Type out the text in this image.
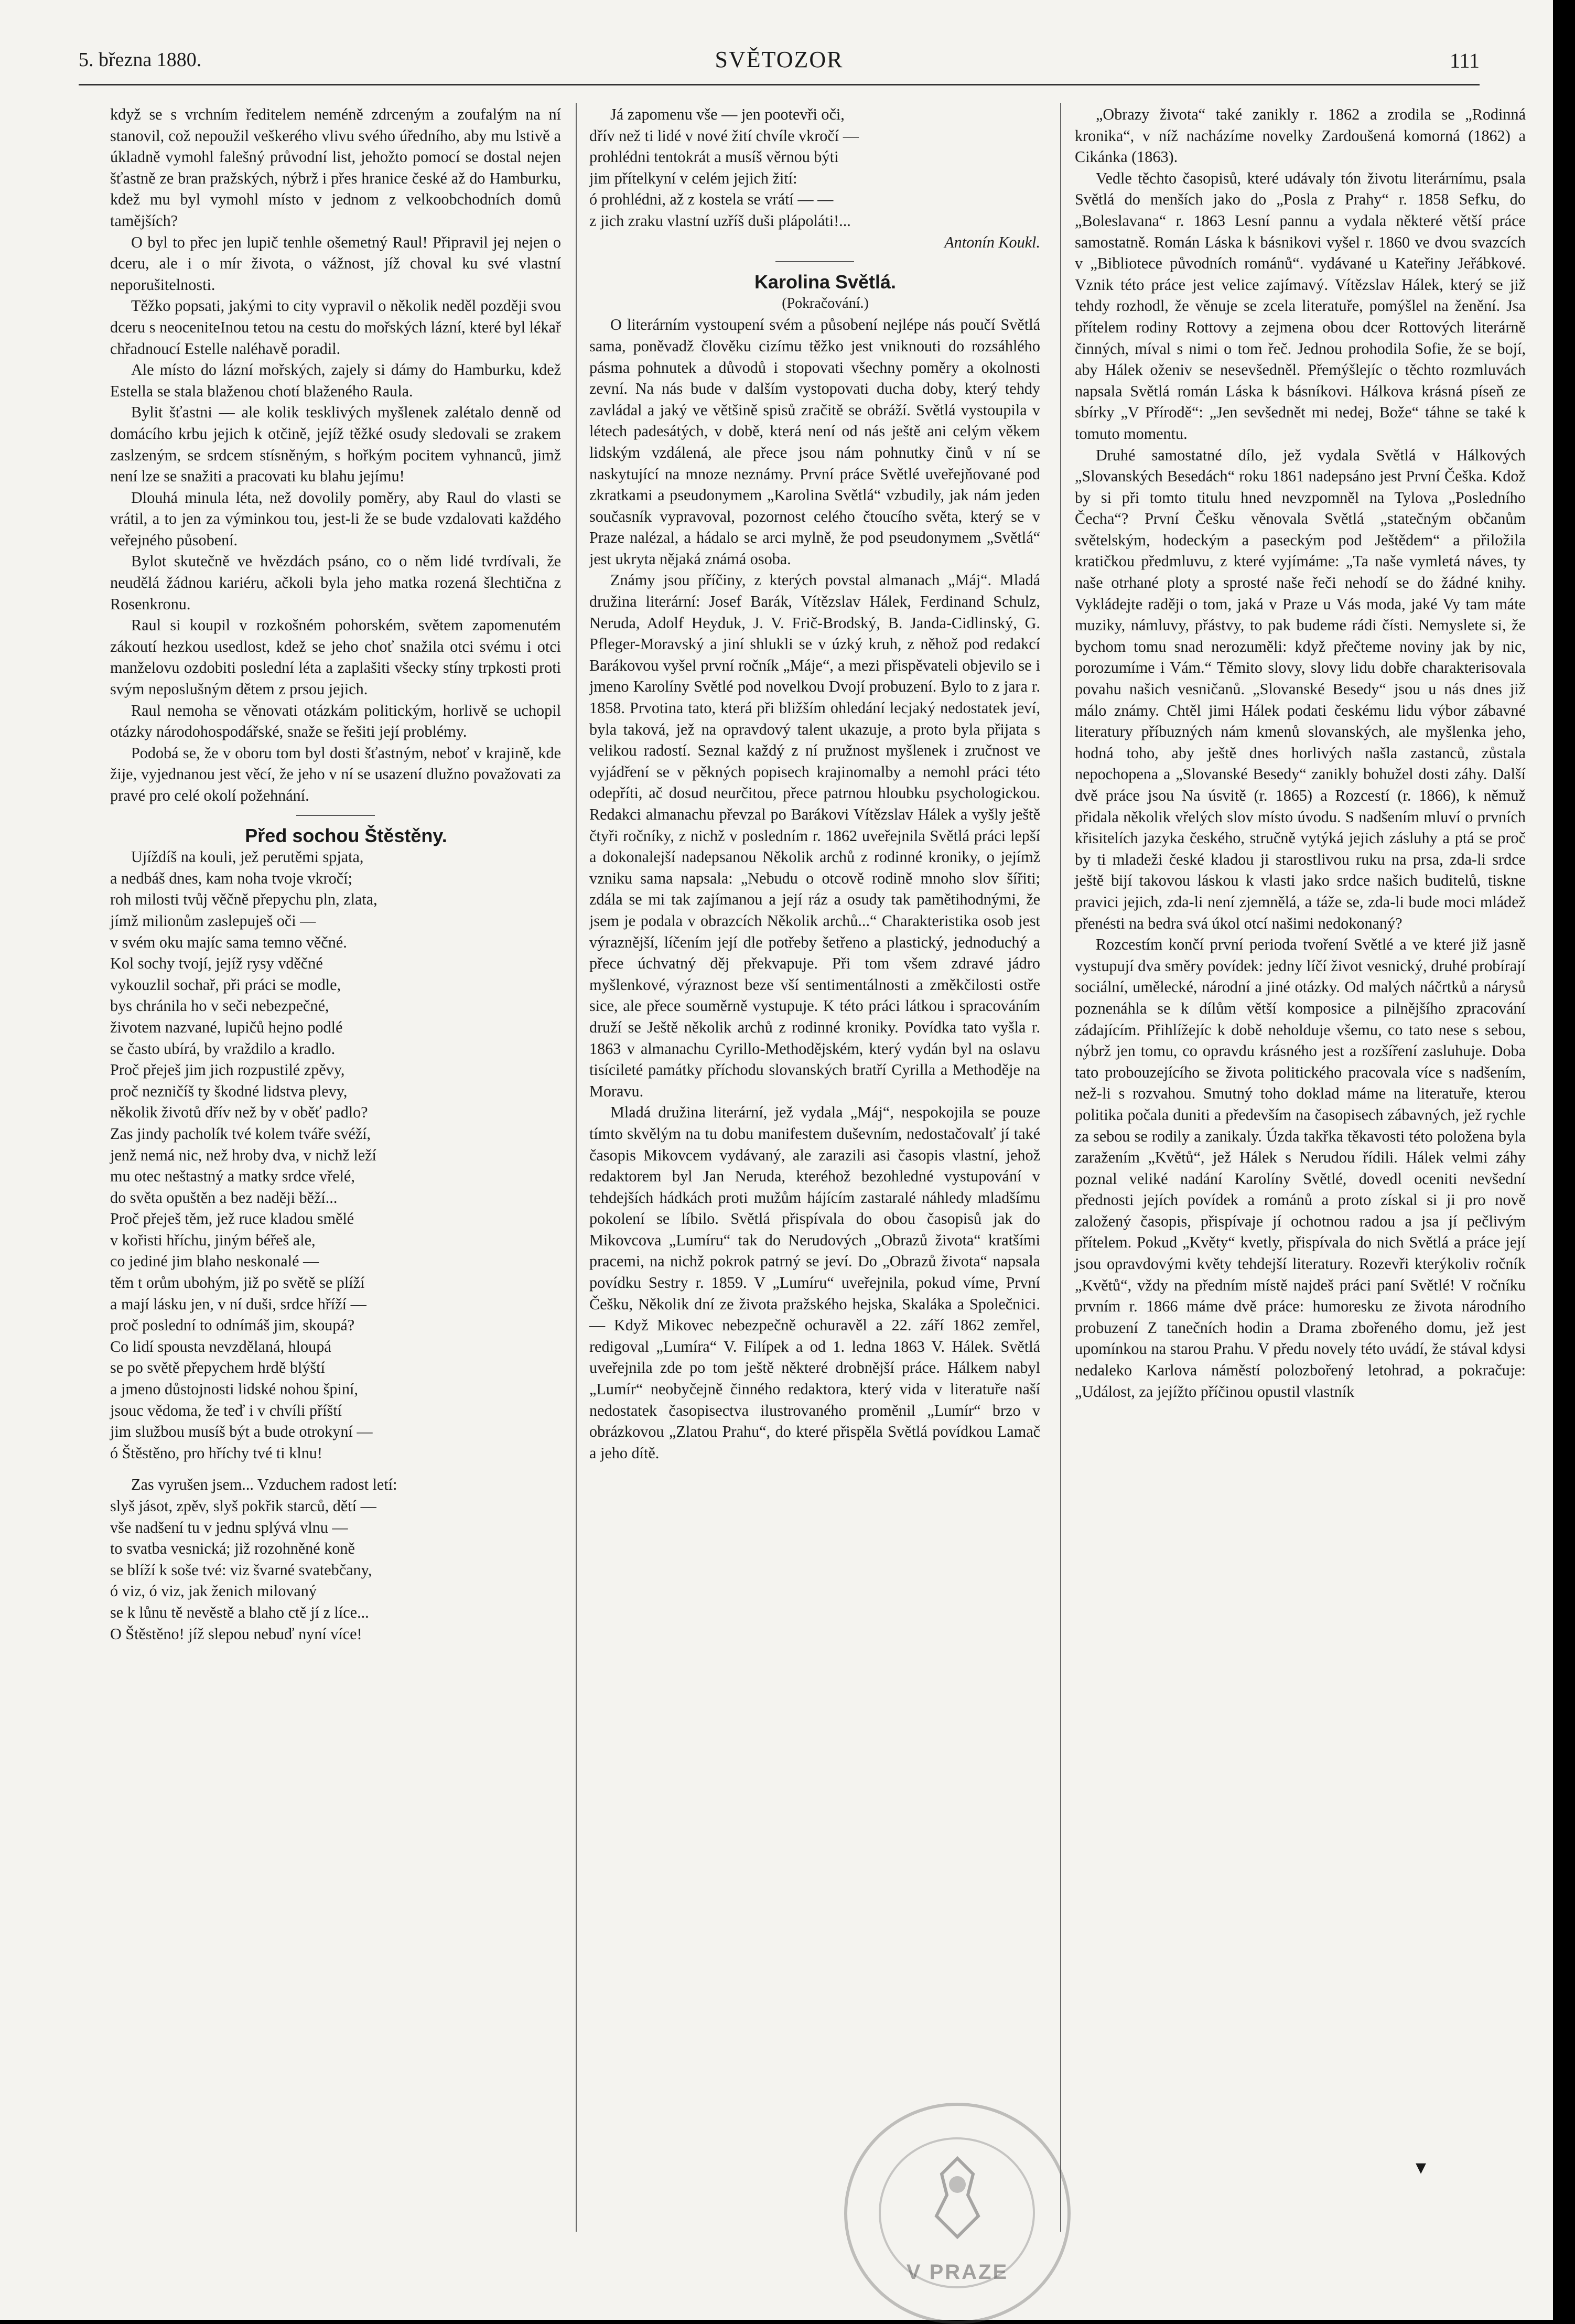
5. března 1880.	SVĚTOZOR	111

když se s vrchním ředitelem neméně zdrceným a zoufalým na ní stanovil, což nepoužil veškerého vlivu svého úředního, aby mu lstivě a úkladně vymohl falešný průvodní list, jehožto pomocí se dostal nejen šťastně ze bran pražských, nýbrž i přes hranice české až do Hamburku, kdež mu byl vymohl místo v jednom z velkoobchodních domů tamějších?

O byl to přec jen lupič tenhle ošemetný Raul! Připravil jej nejen o dceru, ale i o mír života, o vážnost, jíž choval ku své vlastní neporušitelnosti.

Těžko popsati, jakými to city vypravil o několik neděl později svou dceru s neoceniteInou tetou na cestu do mořských lázní, které byl lékař chřadnoucí Estelle naléhavě poradil.

Ale místo do lázní mořských, zajely si dámy do Hamburku, kdež Estella se stala blaženou chotí blaženého Raula.

Bylit šťastni — ale kolik tesklivých myšlenek zalétalo denně od domácího krbu jejich k otčině, jejíž těžké osudy sledovali se zrakem zaslzeným, se srdcem stísněným, s hořkým pocitem vyhnanců, jimž není lze se snažiti a pracovati ku blahu jejímu!

Dlouhá minula léta, než dovolily poměry, aby Raul do vlasti se vrátil, a to jen za výminkou tou, jest-li že se bude vzdalovati každého veřejného působení.

Bylot skutečně ve hvězdách psáno, co o něm lidé tvrdívali, že neudělá žádnou kariéru, ačkoli byla jeho matka rozená šlechtična z Rosenkronu.

Raul si koupil v rozkošném pohorském, světem zapomenutém zákoutí hezkou usedlost, kdež se jeho choť snažila otci svému i otci manželovu ozdobiti poslední léta a zaplašiti všecky stíny trpkosti proti svým neposlušným dětem z prsou jejich.

Raul nemoha se věnovati otázkám politickým, horlivě se uchopil otázky národohospodářské, snaže se řešiti její problémy.

Podobá se, že v oboru tom byl dosti šťastným, neboť v krajině, kde žije, vyjednanou jest věcí, že jeho v ní se usazení dlužno považovati za pravé pro celé okolí požehnání.

Před sochou Štěstěny.

Ujíždíš na kouli, jež perutěmi spjata,

a nedbáš dnes, kam noha tvoje vkročí;

roh milosti tvůj věčně přepychu pln, zlata,

jímž milionům zaslepuješ oči —

v svém oku majíc sama temno věčné.

Kol sochy tvojí, jejíž rysy vděčné

vykouzlil sochař, při práci se modle,

bys chránila ho v seči nebezpečné,

životem nazvané, lupičů hejno podlé

se často ubírá, by vraždilo a kradlo.

Proč přeješ jim jich rozpustilé zpěvy,

proč nezničíš ty škodné lidstva plevy,

několik životů dřív než by v oběť padlo?

Zas jindy pacholík tvé kolem tváře svéží,

jenž nemá nic, než hroby dva, v nichž leží

mu otec neštastný a matky srdce vřelé,

do světa opuštěn a bez naději běží...

Proč přeješ těm, jež ruce kladou smělé

v kořisti hříchu, jiným béřeš ale,

co jediné jim blaho neskonalé —

těm t orům ubohým, již po světě se plíží

a mají lásku jen, v ní duši, srdce hříží —

proč poslední to odnímáš jim, skoupá?

Co lidí spousta nevzdělaná, hloupá

se po světě přepychem hrdě blýští

a jmeno důstojnosti lidské nohou špiní,

jsouc vědoma, že teď i v chvíli příští

jim službou musíš být a bude otrokyní —

ó Štěstěno, pro hříchy tvé ti klnu!

Zas vyrušen jsem... Vzduchem radost letí:

slyš jásot, zpěv, slyš pokřik starců, dětí —

vše nadšení tu v jednu splývá vlnu —

to svatba vesnická; již rozohněné koně

se blíží k soše tvé: viz švarné svatebčany,

ó viz, ó viz, jak ženich milovaný

se k lůnu tě nevěstě a blaho ctě jí z líce...

O Štěstěno! jíž slepou nebuď nyní více!

Já zapomenu vše — jen pootevři oči,

dřív než ti lidé v nové žití chvíle vkročí —

prohlédni tentokrát a musíš věrnou býti

jim přítelkyní v celém jejich žití:

ó prohlédni, až z kostela se vrátí — —

z jich zraku vlastní uzříš duši plápoláti!...

Antonín Koukl.

Karolina Světlá.

(Pokračování.)

O literárním vystoupení svém a působení nejlépe nás poučí Světlá sama, poněvadž člověku cizímu těžko jest vniknouti do rozsáhlého pásma pohnutek a důvodů i stopovati všechny poměry a okolnosti zevní. Na nás bude v dalším vystopovati ducha doby, který tehdy zavládal a jaký ve většině spisů zračitě se obráží. Světlá vystoupila v létech padesátých, v době, která není od nás ještě ani celým věkem lidským vzdálená, ale přece jsou nám pohnutky činů v ní se naskytující na mnoze neznámy. První práce Světlé uveřejňované pod zkratkami a pseudonymem „Karolina Světlá“ vzbudily, jak nám jeden současník vypravoval, pozornost celého čtoucího světa, který se v Praze nalézal, a hádalo se arci mylně, že pod pseudonymem „Světlá“ jest ukryta nějaká známá osoba.

Známy jsou příčiny, z kterých povstal almanach „Máj“. Mladá družina literární: Josef Barák, Vítězslav Hálek, Ferdinand Schulz, Neruda, Adolf Heyduk, J. V. Frič-Brodský, B. Janda-Cidlinský, G. Pfleger-Moravský a jiní shlukli se v úzký kruh, z něhož pod redakcí Barákovou vyšel první ročník „Máje“, a mezi přispěvateli objevilo se i jmeno Karolíny Světlé pod novelkou Dvojí probuzení. Bylo to z jara r. 1858. Prvotina tato, která při bližším ohledání lecjaký nedostatek jeví, byla taková, jež na opravdový talent ukazuje, a proto byla přijata s velikou radostí. Seznal každý z ní pružnost myšlenek i zručnost ve vyjádření se v pěkných popisech krajinomalby a nemohl práci této odepříti, ač dosud neurčitou, přece patrnou hloubku psychologickou. Redakci almanachu převzal po Barákovi Vítězslav Hálek a vyšly ještě čtyři ročníky, z nichž v posledním r. 1862 uveřejnila Světlá práci lepší a dokonalejší nadepsanou Několik archů z rodinné kroniky, o jejímž vzniku sama napsala: „Nebudu o otcově rodině mnoho slov šířiti; zdála se mi tak zajímanou a její ráz a osudy tak pamětihodnými, že jsem je podala v obrazcích Několik archů...“ Charakteristika osob jest výraznější, líčením její dle potřeby šetřeno a plastický, jednoduchý a přece úchvatný děj překvapuje. Při tom všem zdravé jádro myšlenkové, výraznost beze vší sentimentálnosti a změkčilosti ostře sice, ale přece souměrně vystupuje. K této práci látkou i spracováním druží se Ještě několik archů z rodinné kroniky. Povídka tato vyšla r. 1863 v almanachu Cyrillo-Methodějském, který vydán byl na oslavu tisícileté památky příchodu slovanských bratří Cyrilla a Methoděje na Moravu.

Mladá družina literární, jež vydala „Máj“, nespokojila se pouze tímto skvělým na tu dobu manifestem duševním, nedostačovalť jí také časopis Mikovcem vydávaný, ale zarazili asi časopis vlastní, jehož redaktorem byl Jan Neruda, kteréhož bezohledné vystupování v tehdejších hádkách proti mužům hájícím zastaralé náhledy mladšímu pokolení se líbilo. Světlá přispívala do obou časopisů jak do Mikovcova „Lumíru“ tak do Nerudových „Obrazů života“ kratšími pracemi, na nichž pokrok patrný se jeví. Do „Obrazů života“ napsala povídku Sestry r. 1859. V „Lumíru“ uveřejnila, pokud víme, První Češku, Několik dní ze života pražského hejska, Skaláka a Společnici. — Když Mikovec nebezpečně ochuravěl a 22. září 1862 zemřel, redigoval „Lumíra“ V. Filípek a od 1. ledna 1863 V. Hálek. Světlá uveřejnila zde po tom ještě některé drobnější práce. Hálkem nabyl „Lumír“ neobyčejně činného redaktora, který vida v literatuře naší nedostatek časopisectva ilustrovaného proměnil „Lumír“ brzo v obrázkovou „Zlatou Prahu“, do které přispěla Světlá povídkou Lamač a jeho dítě.

„Obrazy života“ také zanikly r. 1862 a zrodila se „Rodinná kronika“, v níž nacházíme novelky Zardoušená komorná (1862) a Cikánka (1863).

Vedle těchto časopisů, které udávaly tón životu literárnímu, psala Světlá do menších jako do „Posla z Prahy“ r. 1858 Sefku, do „Boleslavana“ r. 1863 Lesní pannu a vydala některé větší práce samostatně. Román Láska k básnikovi vyšel r. 1860 ve dvou svazcích v „Bibliotece původních románů“. vydávané u Kateřiny Jeřábkové. Vznik této práce jest velice zajímavý. Vítězslav Hálek, který se již tehdy rozhodl, že věnuje se zcela literatuře, pomýšlel na ženění. Jsa přítelem rodiny Rottovy a zejmena obou dcer Rottových literárně činných, míval s nimi o tom řeč. Jednou prohodila Sofie, že se bojí, aby Hálek oženiv se nesevšedněl. Přemýšlejíc o těchto rozmluvách napsala Světlá román Láska k básníkovi. Hálkova krásná píseň ze sbírky „V Přírodě“: „Jen sevšednět mi nedej, Bože“ táhne se také k tomuto momentu.

Druhé samostatné dílo, jež vydala Světlá v Hálkových „Slovanských Besedách“ roku 1861 nadepsáno jest První Češka. Kdož by si při tomto titulu hned nevzpomněl na Tylova „Posledního Čecha“? První Češku věnovala Světlá „statečným občanům světelským, hodeckým a paseckým pod Ještědem“ a přiložila kratičkou předmluvu, z které vyjímáme: „Ta naše vymletá náves, ty naše otrhané ploty a sprosté naše řeči nehodí se do žádné knihy. Vykládejte raději o tom, jaká v Praze u Vás moda, jaké Vy tam máte muziky, námluvy, přástvy, to pak budeme rádi čísti. Nemyslete si, že bychom tomu snad nerozuměli: když přečteme noviny jak by nic, porozumíme i Vám.“ Těmito slovy, slovy lidu dobře charakterisovala povahu našich vesničanů. „Slovanské Besedy“ jsou u nás dnes již málo známy. Chtěl jimi Hálek podati českému lidu výbor zábavné literatury příbuzných nám kmenů slovanských, ale myšlenka jeho, hodná toho, aby ještě dnes horlivých našla zastanců, zůstala nepochopena a „Slovanské Besedy“ zanikly bohužel dosti záhy. Další dvě práce jsou Na úsvitě (r. 1865) a Rozcestí (r. 1866), k němuž přidala několik vřelých slov místo úvodu. S nadšením mluví o prvních křisitelích jazyka českého, stručně vytýká jejich zásluhy a ptá se proč by ti mladeži české kladou ji starostlivou ruku na prsa, zda-li srdce ještě bijí takovou láskou k vlasti jako srdce našich buditelů, tiskne pravici jejich, zda-li není zjemnělá, a táže se, zda-li bude moci mládež přenésti na bedra svá úkol otcí našimi nedokonaný?

Rozcestím končí první perioda tvoření Světlé a ve které již jasně vystupují dva směry povídek: jedny líčí život vesnický, druhé probírají sociální, umělecké, národní a jiné otázky. Od malých náčrtků a nárysů poznenáhla se k dílům větší komposice a pilnějšího zpracování zádajícím. Přihlížejíc k době neholduje všemu, co tato nese s sebou, nýbrž jen tomu, co opravdu krásného jest a rozšíření zasluhuje. Doba tato probouzejícího se života politického pracovala více s nadšením, než-li s rozvahou. Smutný toho doklad máme na literatuře, kterou politika počala duniti a především na časopisech zábavných, jež rychle za sebou se rodily a zanikaly. Úzda takřka těkavosti této položena byla zaražením „Květů“, jež Hálek s Nerudou řídili. Hálek velmi záhy poznal veliké nadání Karolíny Světlé, dovedl oceniti nevšední přednosti jejích povídek a románů a proto získal si ji pro nově založený časopis, přispívaje jí ochotnou radou a jsa jí pečlivým přítelem. Pokud „Květy“ kvetly, přispívala do nich Světlá a práce její jsou opravdovými květy tehdejší literatury. Rozevři kterýkoliv ročník „Květů“, vždy na předním místě najdeš práci paní Světlé! V ročníku prvním r. 1866 máme dvě práce: humoresku ze života národního probuzení Z tanečních hodin a Drama zbořeného domu, jež jest upomínkou na starou Prahu. V předu novely této uvádí, že stával kdysi nedaleko Karlova náměstí polozbořený letohrad, a pokračuje: „Událost, za jejížto příčinou opustil vlastník

V PRAZE
▾
